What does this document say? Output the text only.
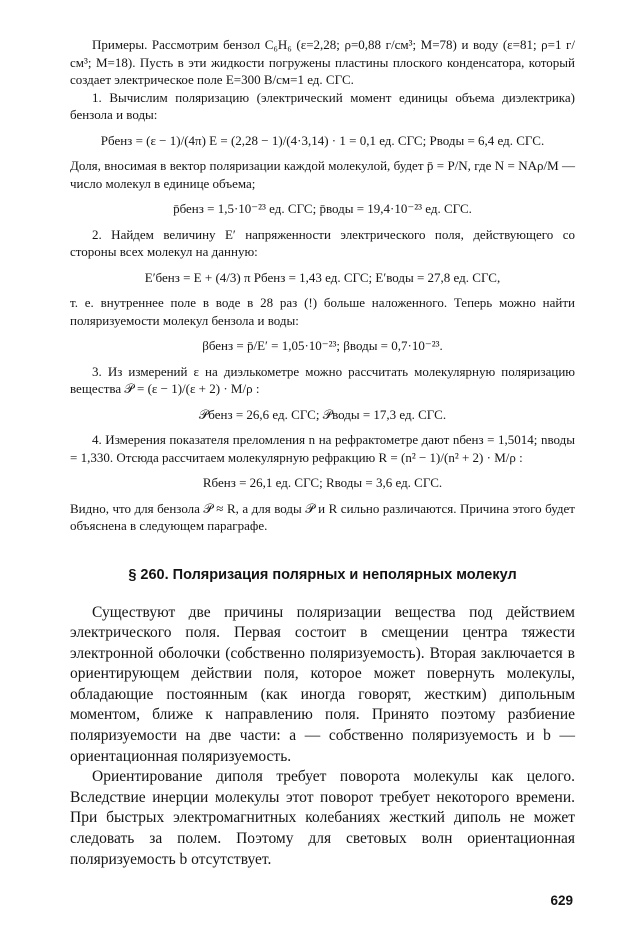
Примеры. Рассмотрим бензол C₆H₆ (ε=2,28; ρ=0,88 г/см³; M=78) и воду (ε=81; ρ=1 г/см³; M=18). Пусть в эти жидкости погружены пластины плоского конденсатора, который создает электрическое поле E=300 В/см=1 ед. СГС.

1. Вычислим поляризацию (электрический момент единицы объема диэлектрика) бензола и воды:

Pбенз = (ε − 1)/(4π) E = (2,28 − 1)/(4·3,14) · 1 = 0,1 ед. СГС; Pводы = 6,4 ед. СГС.

Доля, вносимая в вектор поляризации каждой молекулой, будет p̄ = P/N, где N = NAρ/M — число молекул в единице объема;

p̄бенз = 1,5·10⁻²³ ед. СГС; p̄воды = 19,4·10⁻²³ ед. СГС.

2. Найдем величину E′ напряженности электрического поля, действующего со стороны всех молекул на данную:

E′бенз = E + (4/3) π Pбенз = 1,43 ед. СГС; E′воды = 27,8 ед. СГС,

т. е. внутреннее поле в воде в 28 раз (!) больше наложенного. Теперь можно найти поляризуемости молекул бензола и воды:

βбенз = p̄/E′ = 1,05·10⁻²³; βводы = 0,7·10⁻²³.

3. Из измерений ε на диэлькометре можно рассчитать молекулярную поляризацию вещества 𝒫 = (ε − 1)/(ε + 2) · M/ρ :

𝒫бенз = 26,6 ед. СГС; 𝒫воды = 17,3 ед. СГС.

4. Измерения показателя преломления n на рефрактометре дают nбенз = 1,5014; nводы = 1,330. Отсюда рассчитаем молекулярную рефракцию R = (n² − 1)/(n² + 2) · M/ρ :

Rбенз = 26,1 ед. СГС; Rводы = 3,6 ед. СГС.

Видно, что для бензола 𝒫 ≈ R, а для воды 𝒫 и R сильно различаются. Причина этого будет объяснена в следующем параграфе.

§ 260. Поляризация полярных и неполярных молекул

Существуют две причины поляризации вещества под действием электрического поля. Первая состоит в смещении центра тяжести электронной оболочки (собственно поляризуемость). Вторая заключается в ориентирующем действии поля, которое может повернуть молекулы, обладающие постоянным (как иногда говорят, жестким) дипольным моментом, ближе к направлению поля. Принято поэтому разбиение поляризуемости на две части: a — собственно поляризуемость и b — ориентационная поляризуемость.

Ориентирование диполя требует поворота молекулы как целого. Вследствие инерции молекулы этот поворот требует некоторого времени. При быстрых электромагнитных колебаниях жесткий диполь не может следовать за полем. Поэтому для световых волн ориентационная поляризуемость b отсутствует.

629
